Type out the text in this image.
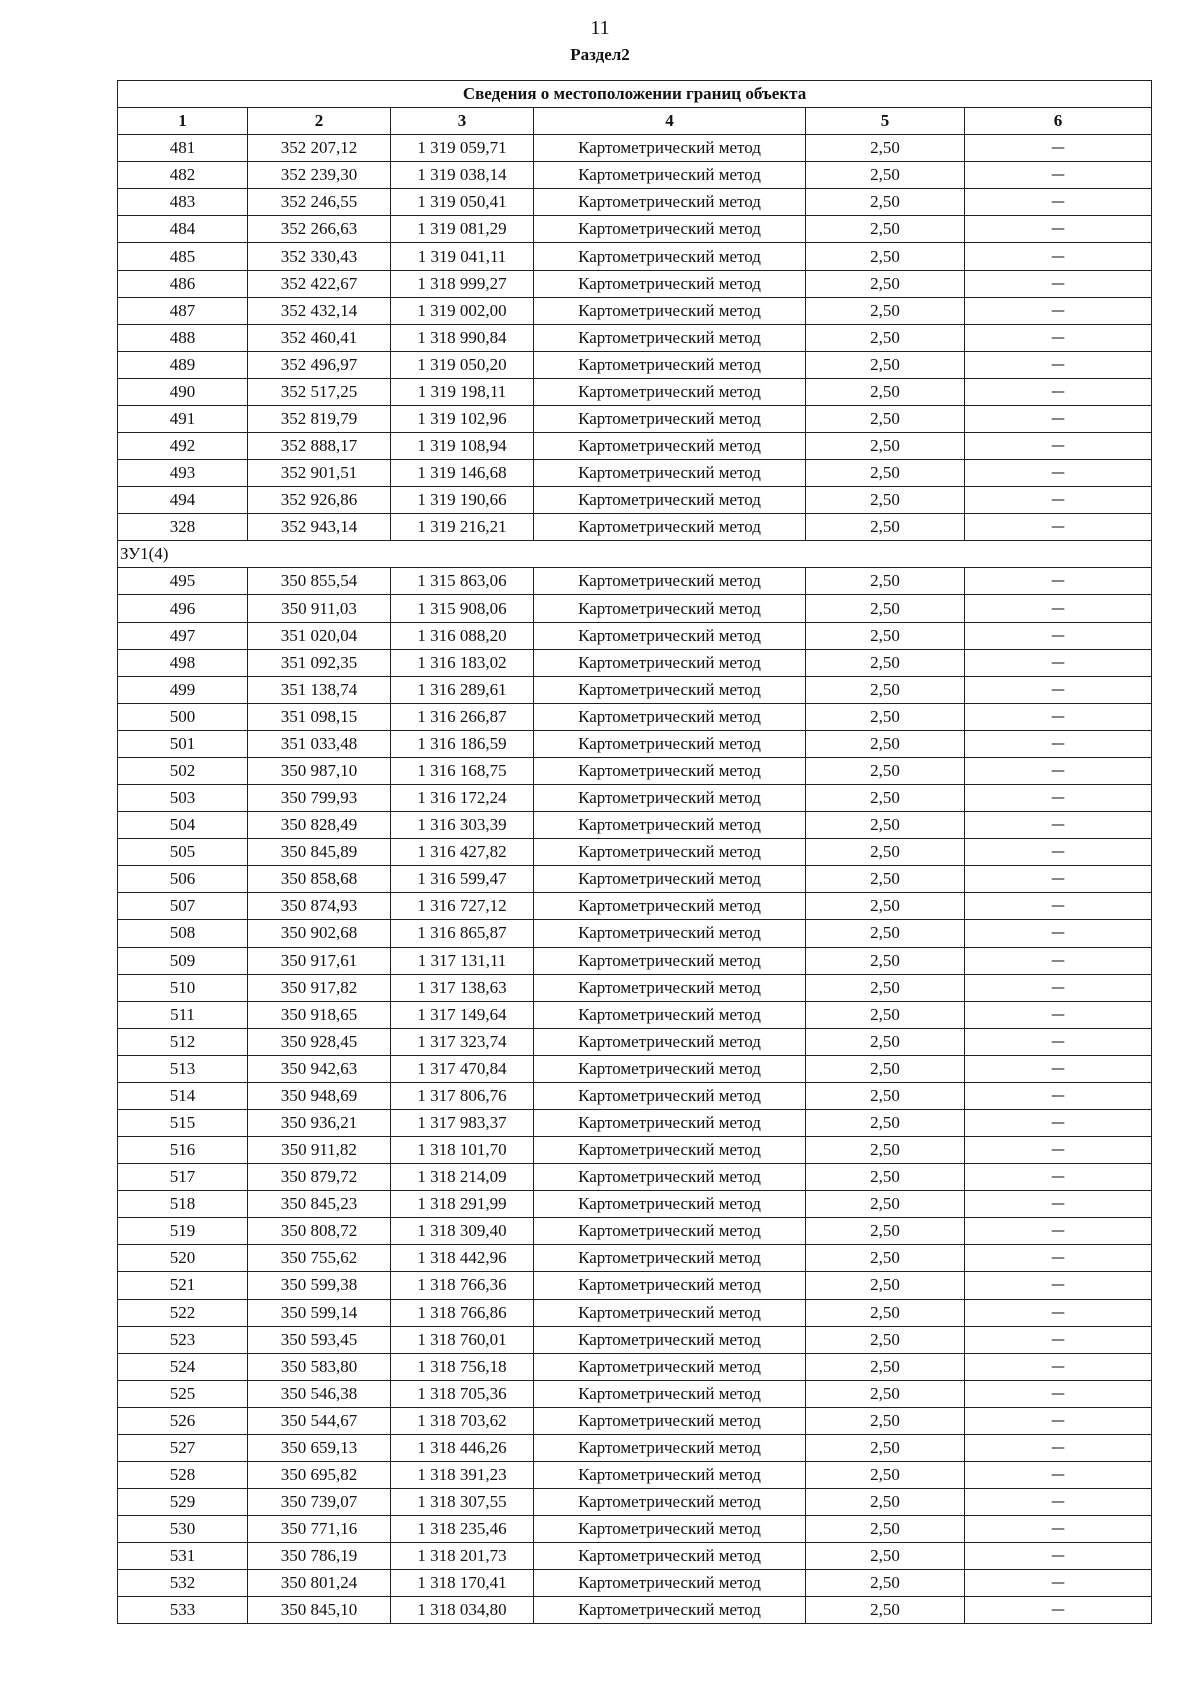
11
Раздел2
Сведения о местоположении границ объекта					
1	2	3	4	5	6
481	352 207,12	1 319 059,71	Картометрический метод	2,50	—
482	352 239,30	1 319 038,14	Картометрический метод	2,50	—
483	352 246,55	1 319 050,41	Картометрический метод	2,50	—
484	352 266,63	1 319 081,29	Картометрический метод	2,50	—
485	352 330,43	1 319 041,11	Картометрический метод	2,50	—
486	352 422,67	1 318 999,27	Картометрический метод	2,50	—
487	352 432,14	1 319 002,00	Картометрический метод	2,50	—
488	352 460,41	1 318 990,84	Картометрический метод	2,50	—
489	352 496,97	1 319 050,20	Картометрический метод	2,50	—
490	352 517,25	1 319 198,11	Картометрический метод	2,50	—
491	352 819,79	1 319 102,96	Картометрический метод	2,50	—
492	352 888,17	1 319 108,94	Картометрический метод	2,50	—
493	352 901,51	1 319 146,68	Картометрический метод	2,50	—
494	352 926,86	1 319 190,66	Картометрический метод	2,50	—
328	352 943,14	1 319 216,21	Картометрический метод	2,50	—
ЗУ1(4)					
495	350 855,54	1 315 863,06	Картометрический метод	2,50	—
496	350 911,03	1 315 908,06	Картометрический метод	2,50	—
497	351 020,04	1 316 088,20	Картометрический метод	2,50	—
498	351 092,35	1 316 183,02	Картометрический метод	2,50	—
499	351 138,74	1 316 289,61	Картометрический метод	2,50	—
500	351 098,15	1 316 266,87	Картометрический метод	2,50	—
501	351 033,48	1 316 186,59	Картометрический метод	2,50	—
502	350 987,10	1 316 168,75	Картометрический метод	2,50	—
503	350 799,93	1 316 172,24	Картометрический метод	2,50	—
504	350 828,49	1 316 303,39	Картометрический метод	2,50	—
505	350 845,89	1 316 427,82	Картометрический метод	2,50	—
506	350 858,68	1 316 599,47	Картометрический метод	2,50	—
507	350 874,93	1 316 727,12	Картометрический метод	2,50	—
508	350 902,68	1 316 865,87	Картометрический метод	2,50	—
509	350 917,61	1 317 131,11	Картометрический метод	2,50	—
510	350 917,82	1 317 138,63	Картометрический метод	2,50	—
511	350 918,65	1 317 149,64	Картометрический метод	2,50	—
512	350 928,45	1 317 323,74	Картометрический метод	2,50	—
513	350 942,63	1 317 470,84	Картометрический метод	2,50	—
514	350 948,69	1 317 806,76	Картометрический метод	2,50	—
515	350 936,21	1 317 983,37	Картометрический метод	2,50	—
516	350 911,82	1 318 101,70	Картометрический метод	2,50	—
517	350 879,72	1 318 214,09	Картометрический метод	2,50	—
518	350 845,23	1 318 291,99	Картометрический метод	2,50	—
519	350 808,72	1 318 309,40	Картометрический метод	2,50	—
520	350 755,62	1 318 442,96	Картометрический метод	2,50	—
521	350 599,38	1 318 766,36	Картометрический метод	2,50	—
522	350 599,14	1 318 766,86	Картометрический метод	2,50	—
523	350 593,45	1 318 760,01	Картометрический метод	2,50	—
524	350 583,80	1 318 756,18	Картометрический метод	2,50	—
525	350 546,38	1 318 705,36	Картометрический метод	2,50	—
526	350 544,67	1 318 703,62	Картометрический метод	2,50	—
527	350 659,13	1 318 446,26	Картометрический метод	2,50	—
528	350 695,82	1 318 391,23	Картометрический метод	2,50	—
529	350 739,07	1 318 307,55	Картометрический метод	2,50	—
530	350 771,16	1 318 235,46	Картометрический метод	2,50	—
531	350 786,19	1 318 201,73	Картометрический метод	2,50	—
532	350 801,24	1 318 170,41	Картометрический метод	2,50	—
533	350 845,10	1 318 034,80	Картометрический метод	2,50	—
